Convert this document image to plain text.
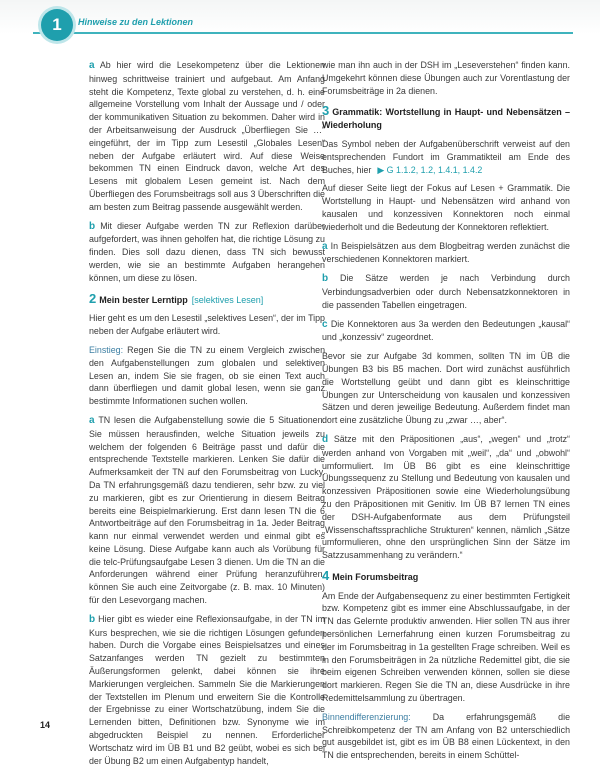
1	Hinweise zu den Lektionen

a Ab hier wird die Lesekompetenz über die Lektionen hinweg schrittweise trainiert und aufgebaut. Am Anfang steht die Kompetenz, Texte global zu verstehen, d. h. eine allgemeine Vorstellung vom Inhalt der Aussage und / oder der kommunikativen Situation zu bekommen. Daher wird in der Arbeitsanweisung der Ausdruck „Überfliegen Sie …“ eingeführt, der im Tipp zum Lesestil „Globales Lesen“ neben der Aufgabe erläutert wird. Auf diese Weise bekommen TN einen Eindruck davon, welche Art des Lesens mit globalem Lesen gemeint ist. Nach dem Überfliegen des Forumsbeitrags soll aus 3 Überschriften die am besten zum Beitrag passende ausgewählt werden.

b Mit dieser Aufgabe werden TN zur Reflexion darüber aufgefordert, was ihnen geholfen hat, die richtige Lösung zu finden. Dies soll dazu dienen, dass TN sich bewusst werden, wie sie an bestimmte Aufgaben herangehen können, um diese zu lösen.

2 Mein bester Lerntipp [selektives Lesen]

Hier geht es um den Lesestil „selektives Lesen“, der im Tipp neben der Aufgabe erläutert wird.

Einstieg: Regen Sie die TN zu einem Vergleich zwischen den Aufgabenstellungen zum globalen und selektiven Lesen an, indem Sie sie fragen, ob sie einen Text auch dann überfliegen und damit global lesen, wenn sie ganz bestimmte Informationen suchen wollen.

a TN lesen die Aufgabenstellung sowie die 5 Situationen. Sie müssen herausfinden, welche Situation jeweils zu welchem der folgenden 6 Beiträge passt und dafür die entsprechende Textstelle markieren. Lenken Sie dafür die Aufmerksamkeit der TN auf den Forumsbeitrag von Lucky. Da TN erfahrungsgemäß dazu tendieren, sehr bzw. zu viel zu markieren, gibt es zur Orientierung in diesem Beitrag bereits eine Beispielmarkierung. Erst dann lesen TN die 6 Antwortbeiträge auf den Forumsbeitrag in 1a. Jeder Beitrag kann nur einmal verwendet werden und einmal gibt es keine Lösung. Diese Aufgabe kann auch als Vorübung für die telc-Prüfungsaufgabe Lesen 3 dienen. Um die TN an die Anforderungen während einer Prüfung heranzuführen, können Sie auch eine Zeitvorgabe (z. B. max. 10 Minuten) für den Lesevorgang machen.

b Hier gibt es wieder eine Reflexionsaufgabe, in der TN im Kurs besprechen, wie sie die richtigen Lösungen gefunden haben. Durch die Vorgabe eines Beispielsatzes und eines Satzanfanges werden TN gezielt zu bestimmten Äußerungsformen gelenkt, dabei können sie ihre Markierungen vergleichen. Sammeln Sie die Markierungen der Textstellen im Plenum und erweitern Sie die Kontrolle der Ergebnisse zu einer Wortschatzübung, indem Sie die Lernenden bitten, Definitionen bzw. Synonyme wie im abgedruckten Beispiel zu nennen. Erforderlicher Wortschatz wird im ÜB B1 und B2 geübt, wobei es sich bei der Übung B2 um einen Aufgabentyp handelt,

wie man ihn auch in der DSH im „Leseverstehen“ finden kann. Umgekehrt können diese Übungen auch zur Vorentlastung der Forumsbeiträge in 2a dienen.

3 Grammatik: Wortstellung in Haupt- und Nebensätzen – Wiederholung

Das Symbol neben der Aufgabenüberschrift verweist auf den entsprechenden Fundort im Grammatikteil am Ende des Buches, hier ▶ G 1.1.2, 1.2, 1.4.1, 1.4.2

Auf dieser Seite liegt der Fokus auf Lesen + Grammatik. Die Wortstellung in Haupt- und Nebensätzen wird anhand von kausalen und konzessiven Konnektoren noch einmal wiederholt und die Bedeutung der Konnektoren reflektiert.

a In Beispielsätzen aus dem Blogbeitrag werden zunächst die verschiedenen Konnektoren markiert.

b Die Sätze werden je nach Verbindung durch Verbindungsadverbien oder durch Nebensatzkonnektoren in die passenden Tabellen eingetragen.

c Die Konnektoren aus 3a werden den Bedeutungen „kausal“ und „konzessiv“ zugeordnet.

Bevor sie zur Aufgabe 3d kommen, sollten TN im ÜB die Übungen B3 bis B5 machen. Dort wird zunächst ausführlich die Wortstellung geübt und dann gibt es kleinschrittige Übungen zur Unterscheidung von kausalen und konzessiven Sätzen und deren jeweilige Bedeutung. Außerdem findet man dort eine zusätzliche Übung zu „zwar …, aber“.

d Sätze mit den Präpositionen „aus“, „wegen“ und „trotz“ werden anhand von Vorgaben mit „weil“, „da“ und „obwohl“ umformuliert. Im ÜB B6 gibt es eine kleinschrittige Übungssequenz zu Stellung und Bedeutung von kausalen und konzessiven Präpositionen sowie eine Wiederholungsübung zu den Präpositionen mit Genitiv. Im ÜB B7 lernen TN eines der DSH-Aufgabenformate aus dem Prüfungsteil „Wissenschaftssprachliche Strukturen“ kennen, nämlich „Sätze umformulieren, ohne den ursprünglichen Sinn der Sätze im Satzzusammenhang zu verändern.“

4 Mein Forumsbeitrag

Am Ende der Aufgabensequenz zu einer bestimmten Fertigkeit bzw. Kompetenz gibt es immer eine Abschlussaufgabe, in der TN das Gelernte produktiv anwenden. Hier sollen TN aus ihrer persönlichen Lernerfahrung einen kurzen Forumsbeitrag zu der im Forumsbeitrag in 1a gestellten Frage schreiben. Weil es in den Forumsbeiträgen in 2a nützliche Redemittel gibt, die sie beim eigenen Schreiben verwenden können, sollen sie diese dort markieren. Regen Sie die TN an, diese Ausdrücke in ihre Redemittelsammlung zu übertragen.

Binnendifferenzierung: Da erfahrungsgemäß die Schreibkompetenz der TN am Anfang von B2 unterschiedlich gut ausgebildet ist, gibt es im ÜB B8 einen Lückentext, in den TN die entsprechenden, bereits in einem Schüttel-

14
